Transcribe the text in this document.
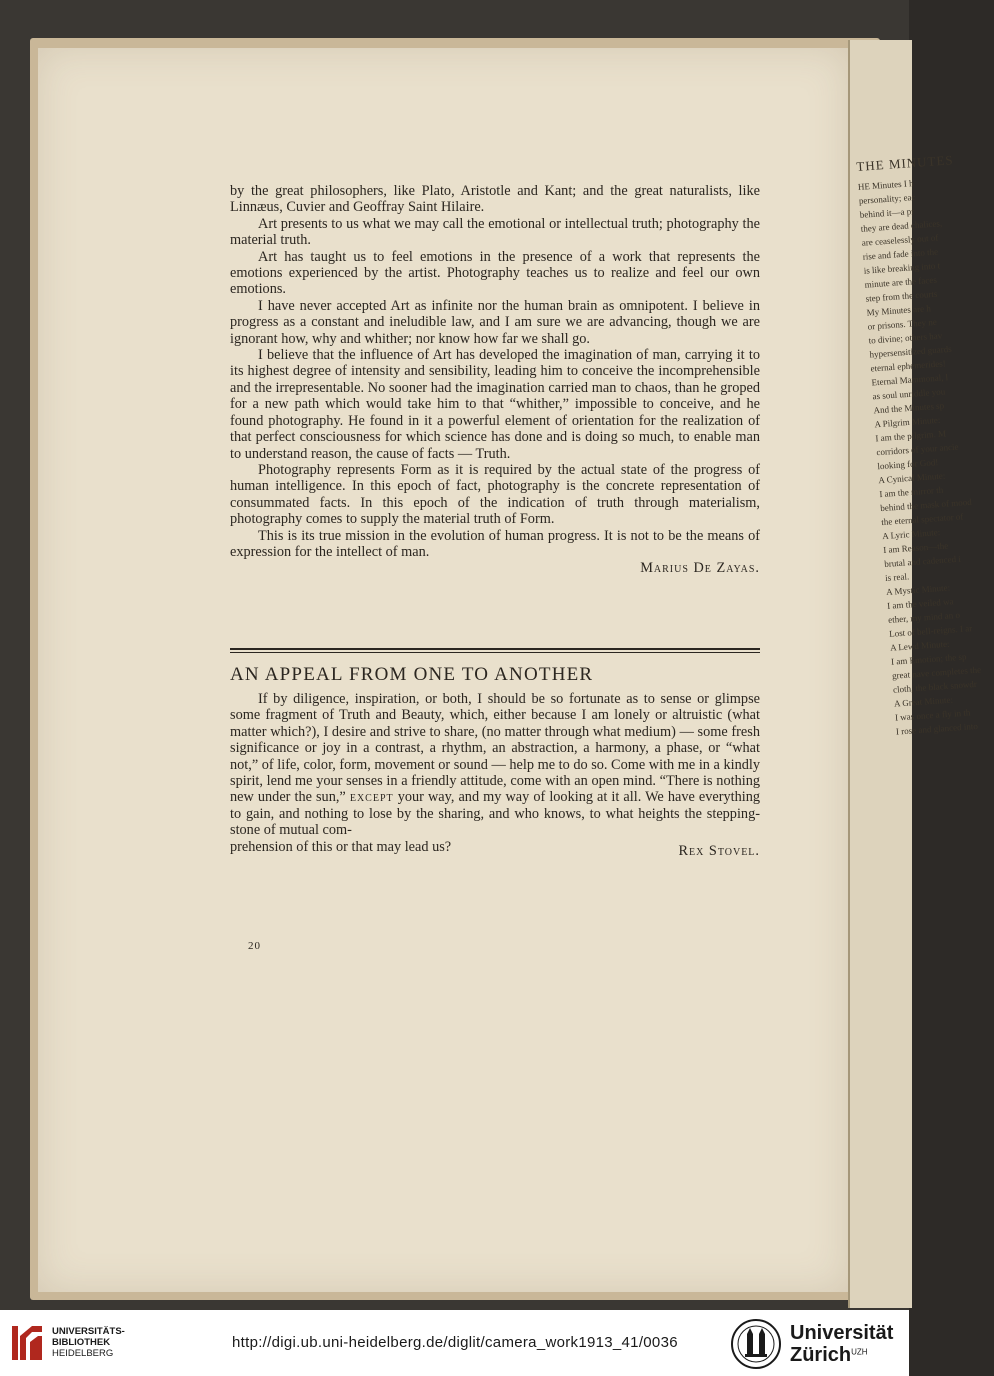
THE MINUTES
HE Minutes I h
personality; eac
behind it—a pr
they are dead chalices,
are ceaselessly out of
rise and fade into the
is like breaking into t
minute are the faces
step from the courts
My Minutes are h
or prisons. They ne
to divine; others hav
hypersensitized guards
eternal ephemerides!
Eternal Mammonal, l
as soul unriddle you
And the Minutes sp
A Pilgrim Minute:
I am the pilgrim. M
corridors of your ancie
looking for God!
A Cynical Minute:
I am the mirror th
behind the mask of mood
the eternal spectator of
A Lyric Minute:
I am Reason—the
brutal and cadenced i
is real.
A Mystic Minute:
I am the veiled wa
ether, my mind an o
Lost of bell-reigns. I ar
A Lewd Minute:
I am Emotion; the sp
great nave completes the
cloth, the black snowdr
A Great Minute:
I was once a fly in th
I rose and glanced into

by the great philosophers, like Plato, Aristotle and Kant; and the great naturalists, like Linnæus, Cuvier and Geoffray Saint Hilaire.

Art presents to us what we may call the emotional or intellectual truth; photography the material truth.

Art has taught us to feel emotions in the presence of a work that represents the emotions experienced by the artist. Photography teaches us to realize and feel our own emotions.

I have never accepted Art as infinite nor the human brain as omnipotent. I believe in progress as a constant and ineludible law, and I am sure we are advancing, though we are ignorant how, why and whither; nor know how far we shall go.

I believe that the influence of Art has developed the imagination of man, carrying it to its highest degree of intensity and sensibility, leading him to conceive the incomprehensible and the irrepresentable. No sooner had the imagination carried man to chaos, than he groped for a new path which would take him to that “whither,” impossible to conceive, and he found photography. He found in it a powerful element of orientation for the realization of that perfect consciousness for which science has done and is doing so much, to enable man to understand reason, the cause of facts — Truth.

Photography represents Form as it is required by the actual state of the progress of human intelligence. In this epoch of fact, photography is the concrete representation of consummated facts. In this epoch of the indication of truth through materialism, photography comes to supply the material truth of Form.

This is its true mission in the evolution of human progress. It is not to be the means of expression for the intellect of man.

Marius De Zayas.
AN APPEAL FROM ONE TO ANOTHER

If by diligence, inspiration, or both, I should be so fortunate as to sense or glimpse some fragment of Truth and Beauty, which, either because I am lonely or altruistic (what matter which?), I desire and strive to share, (no matter through what medium) — some fresh significance or joy in a contrast, a rhythm, an abstraction, a harmony, a phase, or “what not,” of life, color, form, movement or sound — help me to do so. Come with me in a kindly spirit, lend me your senses in a friendly attitude, come with an open mind. “There is nothing new under the sun,” except your way, and my way of looking at it all. We have everything to gain, and nothing to lose by the sharing, and who knows, to what heights the stepping-stone of mutual com-

prehension of this or that may lead us?	Rex Stovel.
20
UNIVERSITÄTS-
BIBLIOTHEK
HEIDELBERG
http://digi.ub.uni-heidelberg.de/diglit/camera_work1913_41/0036	Universität
Zürich$^{UZH}$
